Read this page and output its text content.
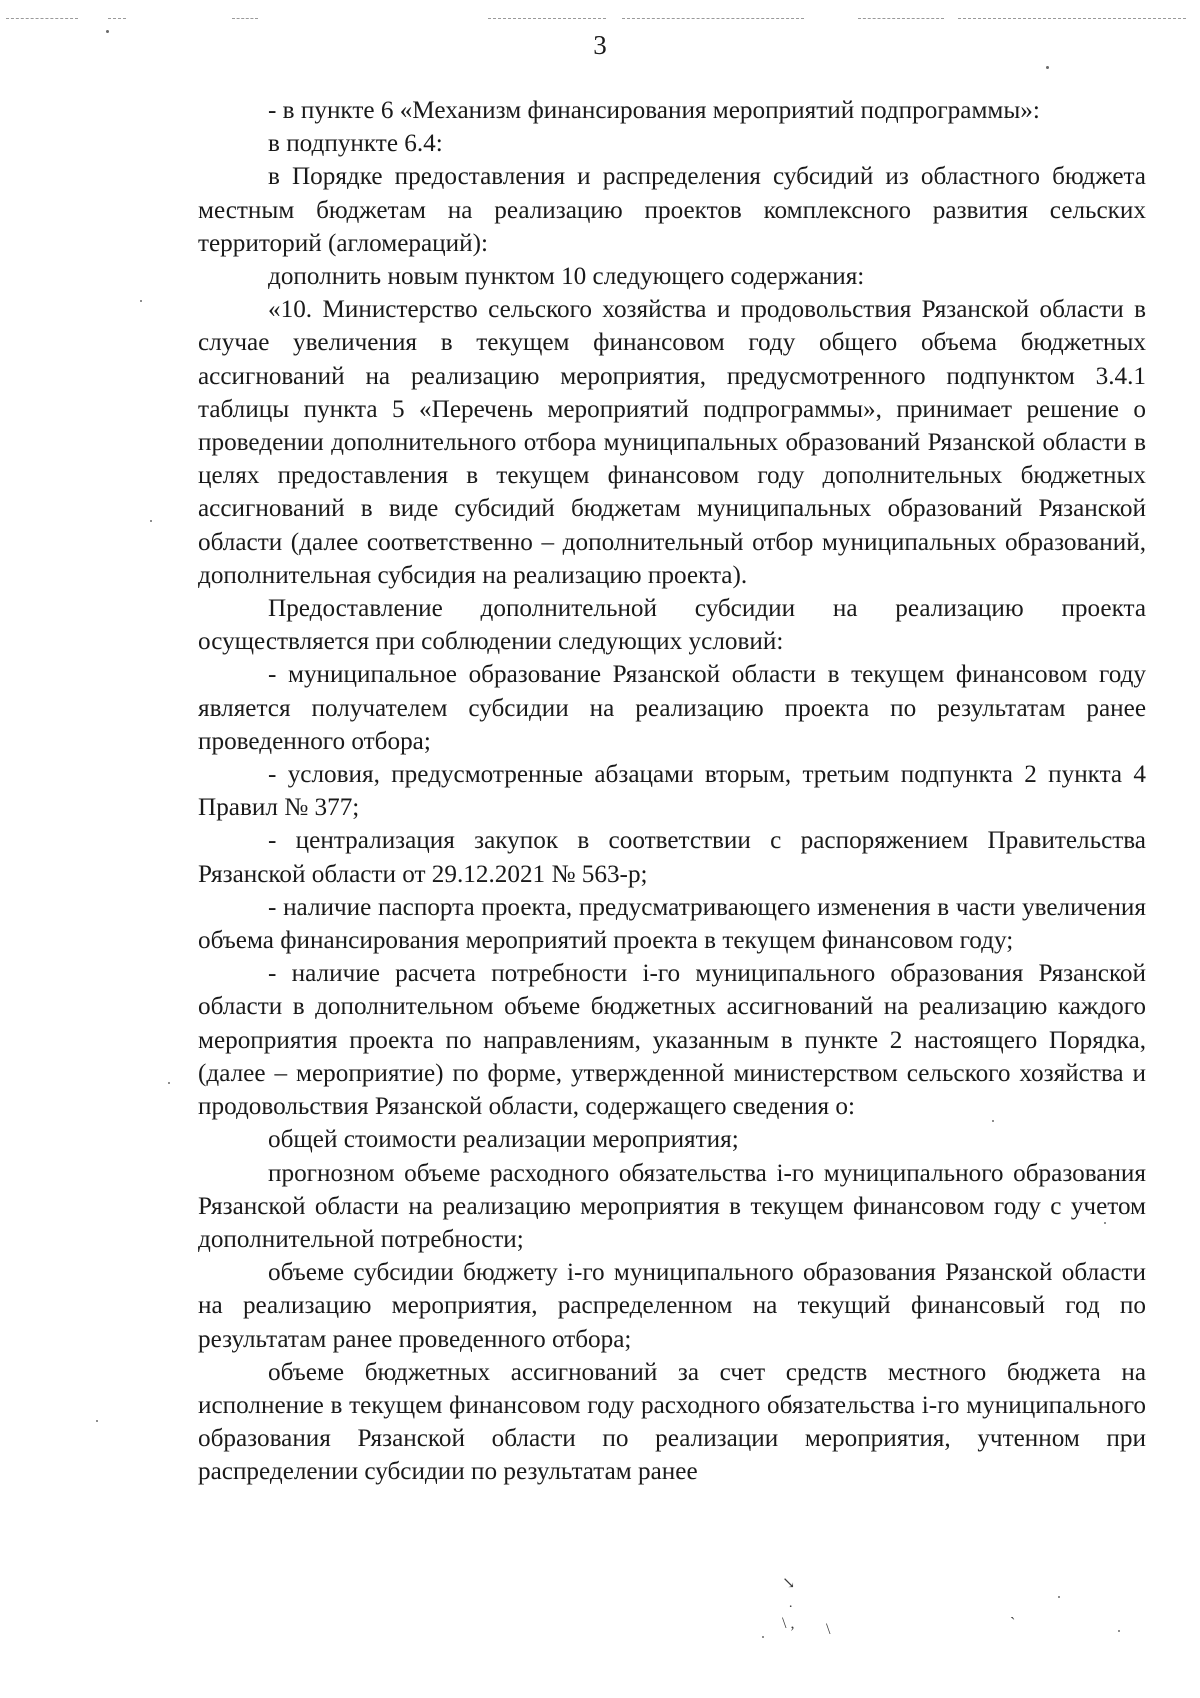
3

- в пункте 6 «Механизм финансирования мероприятий подпрограммы»:

в подпункте 6.4:

в Порядке предоставления и распределения субсидий из областного бюджета местным бюджетам на реализацию проектов комплексного развития сельских территорий (агломераций):

дополнить новым пунктом 10 следующего содержания:

«10. Министерство сельского хозяйства и продовольствия Рязанской области в случае увеличения в текущем финансовом году общего объема бюджетных ассигнований на реализацию мероприятия, предусмотренного подпунктом 3.4.1 таблицы пункта 5 «Перечень мероприятий подпрограммы», принимает решение о проведении дополнительного отбора муниципальных образований Рязанской области в целях предоставления в текущем финансовом году дополнительных бюджетных ассигнований в виде субсидий бюджетам муниципальных образований Рязанской области (далее соответственно – дополнительный отбор муниципальных образований, дополнительная субсидия на реализацию проекта).

Предоставление дополнительной субсидии на реализацию проекта осуществляется при соблюдении следующих условий:

- муниципальное образование Рязанской области в текущем финансовом году является получателем субсидии на реализацию проекта по результатам ранее проведенного отбора;

- условия, предусмотренные абзацами вторым, третьим подпункта 2 пункта 4 Правил № 377;

- централизация закупок в соответствии с распоряжением Правительства Рязанской области от 29.12.2021 № 563-р;

- наличие паспорта проекта, предусматривающего изменения в части увеличения объема финансирования мероприятий проекта в текущем финансовом году;

- наличие расчета потребности i-го муниципального образования Рязанской области в дополнительном объеме бюджетных ассигнований на реализацию каждого мероприятия проекта по направлениям, указанным в пункте 2 настоящего Порядка, (далее – мероприятие) по форме, утвержденной министерством сельского хозяйства и продовольствия Рязанской области, содержащего сведения о:

общей стоимости реализации мероприятия;

прогнозном объеме расходного обязательства i-го муниципального образования Рязанской области на реализацию мероприятия в текущем финансовом году с учетом дополнительной потребности;

объеме субсидии бюджету i-го муниципального образования Рязанской области на реализацию мероприятия, распределенном на текущий финансовый год по результатам ранее проведенного отбора;

объеме бюджетных ассигнований за счет средств местного бюджета на исполнение в текущем финансовом году расходного обязательства i-го муниципального образования Рязанской области по реализации мероприятия, учтенном при распределении субсидии по результатам ранее

↘
˙
\ , \	`
